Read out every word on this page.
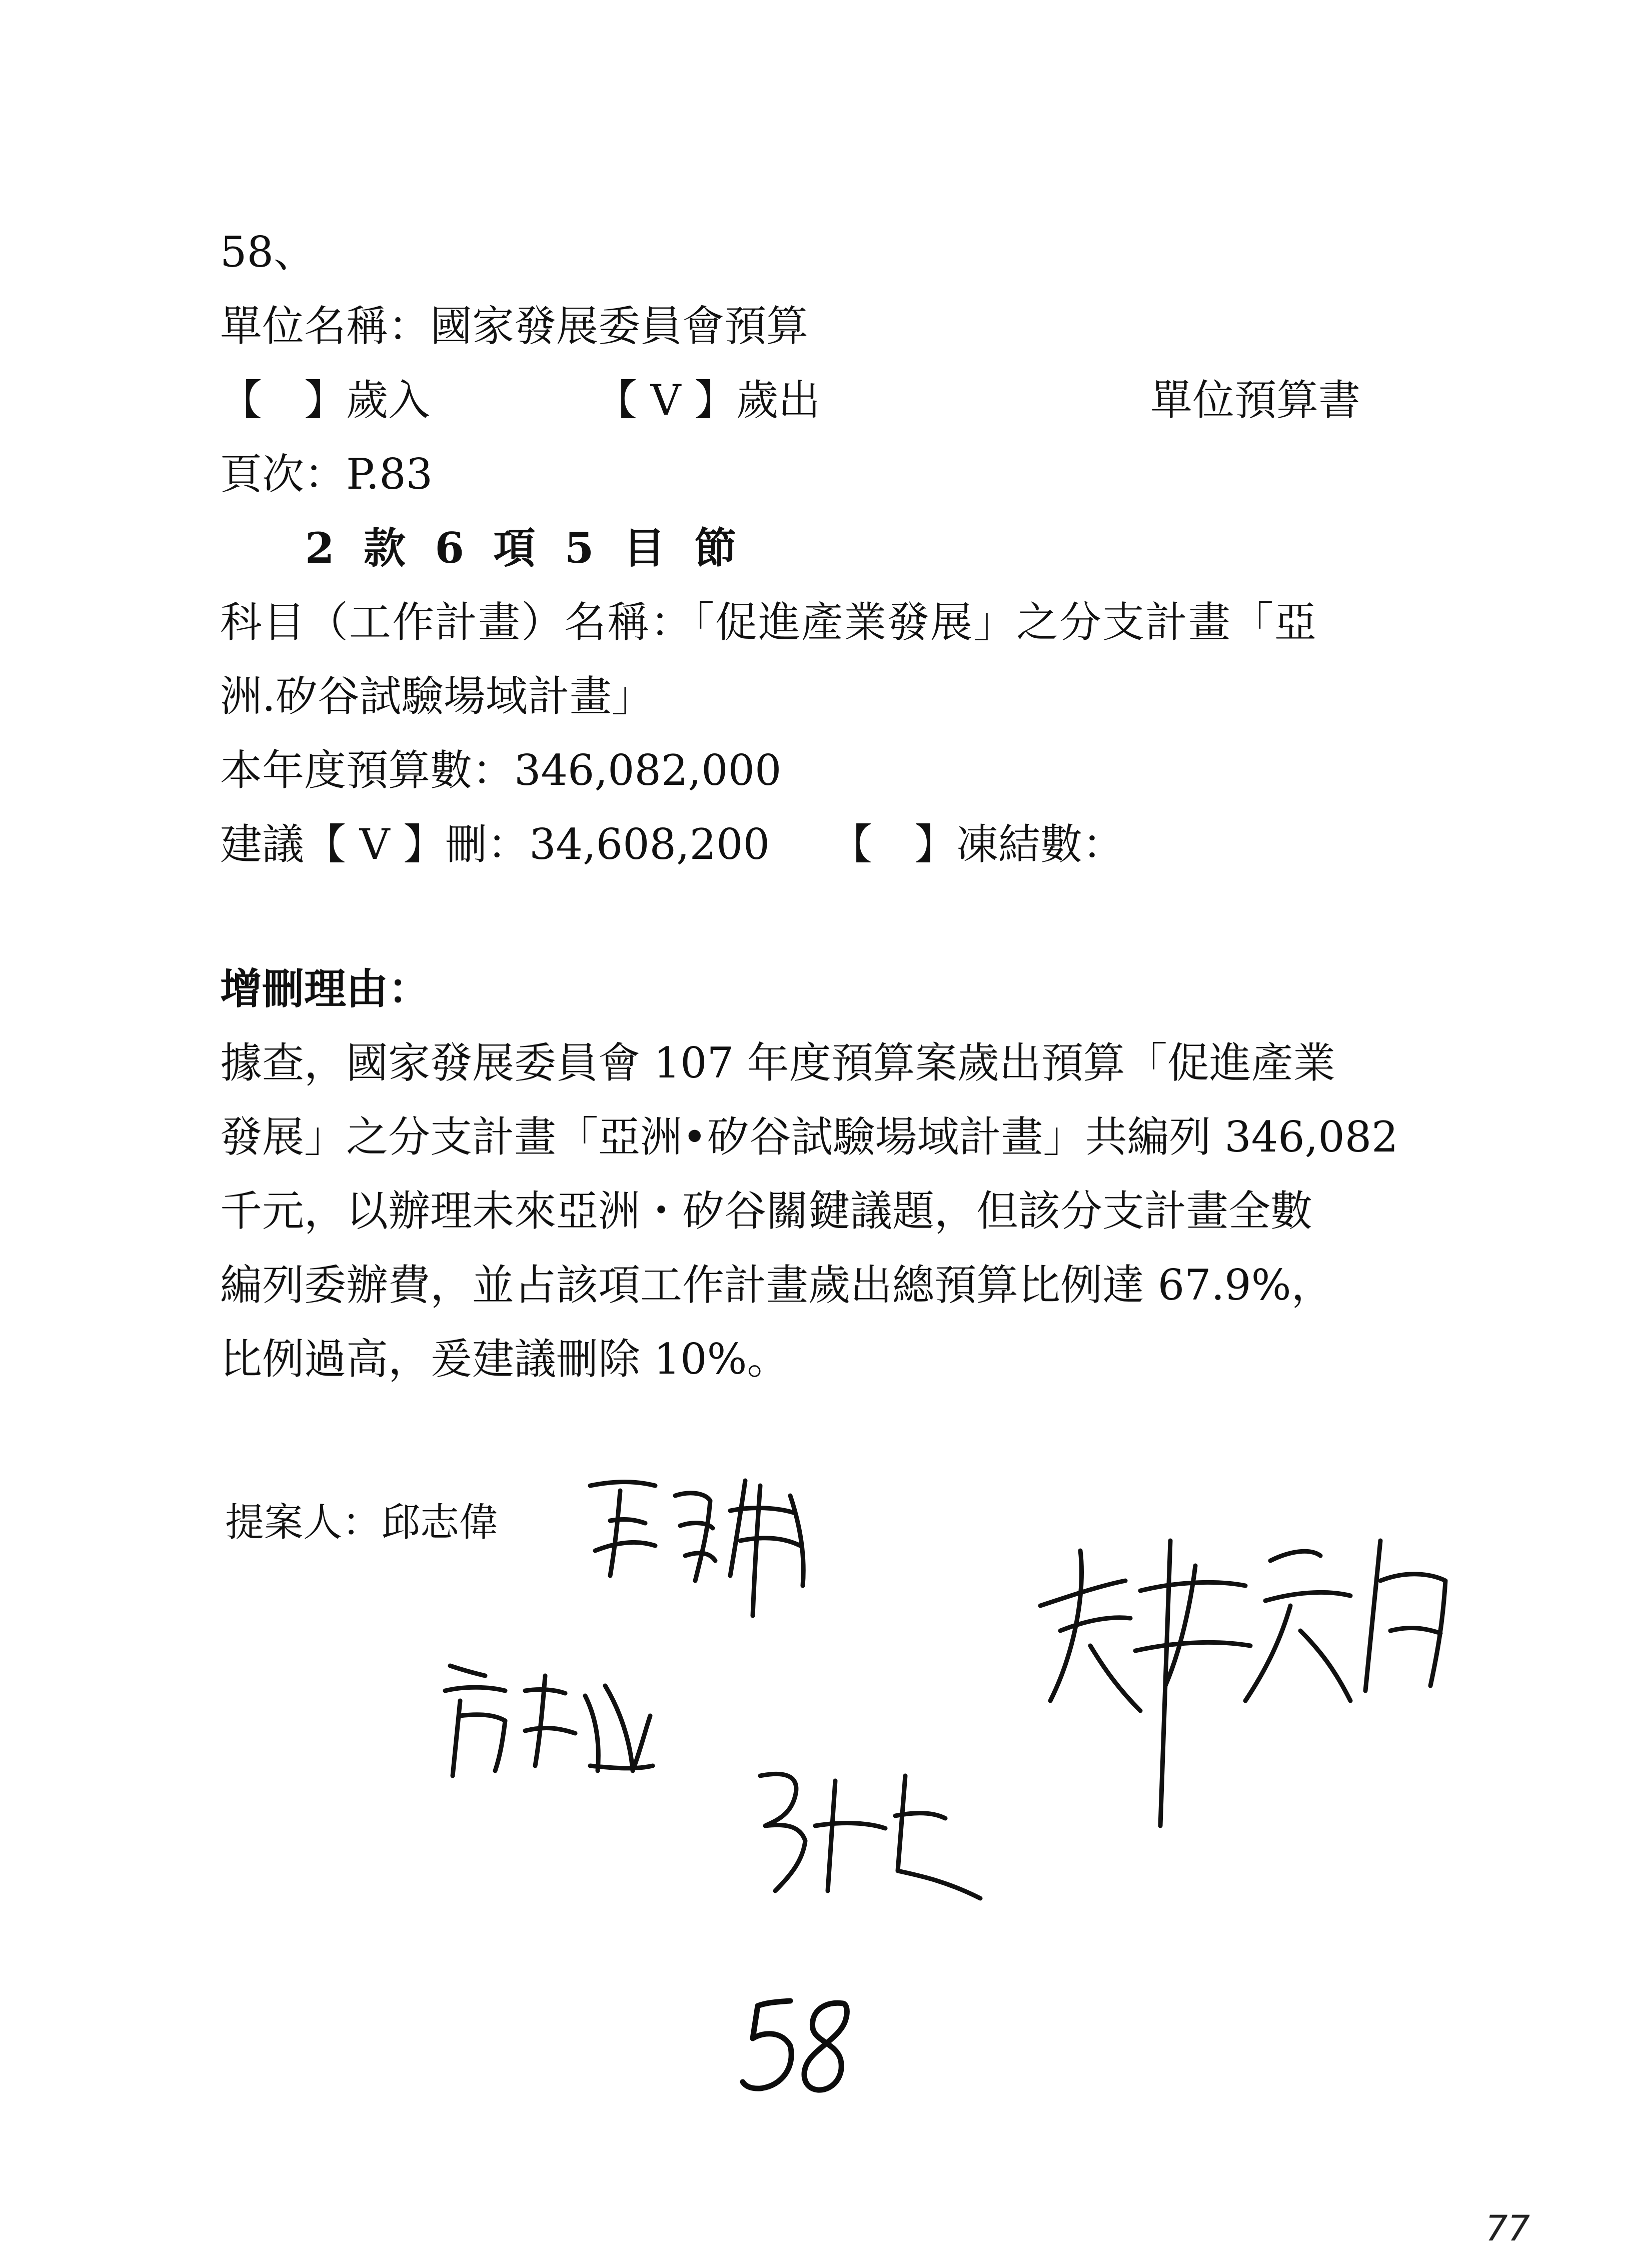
58、
單位名稱：國家發展委員會預算
【　】歲入	【 V 】歲出	單位預算書
頁次：P.83
2  款  6  項  5  目  節
科目（工作計畫）名稱：「促進產業發展」之分支計畫「亞
洲.矽谷試驗場域計畫」
本年度預算數：346,082,000
建議【 V 】刪：34,608,200 【　】凍結數：
增刪理由：
據查，國家發展委員會 107 年度預算案歲出預算「促進產業
發展」之分支計畫「亞洲•矽谷試驗場域計畫」共編列 346,082
千元，以辦理未來亞洲・矽谷關鍵議題，但該分支計畫全數
編列委辦費，並占該項工作計畫歲出總預算比例達 67.9%，
比例過高，爰建議刪除 10%。
提案人：邱志偉
77
